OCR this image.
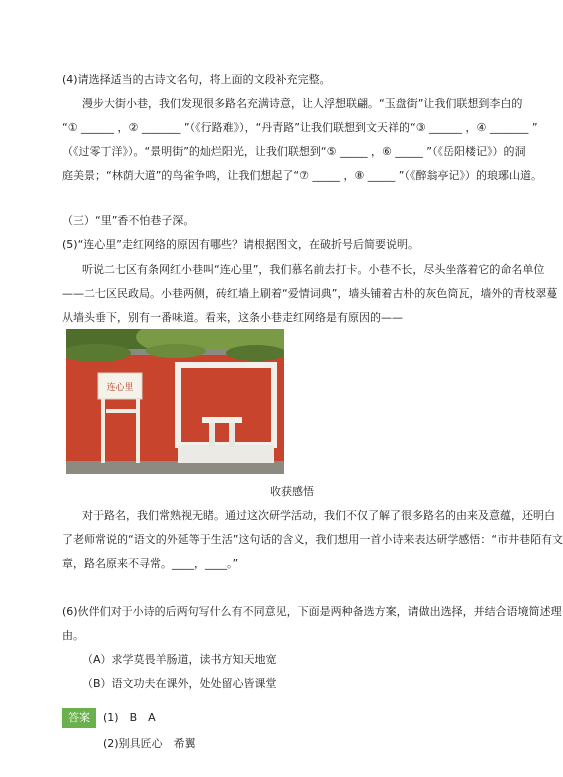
(4)请选择适当的古诗文名句，将上面的文段补充完整。
漫步大街小巷，我们发现很多路名充满诗意，让人浮想联翩。“玉盘街”让我们联想到李白的
“① ______ ，② _______ ”（《行路难》），“丹青路”让我们联想到文天祥的“③ ______ ，④ _______ ”
（《过零丁洋》）。“景明街”的灿烂阳光，让我们联想到“⑤ _____ ，⑥ _____ ”（《岳阳楼记》）的洞
庭美景；“林荫大道”的鸟雀争鸣，让我们想起了“⑦ _____ ，⑧ _____ ”（《醉翁亭记》）的琅琊山道。
（三）“里”香不怕巷子深。
(5)“连心里”走红网络的原因有哪些？请根据图文，在破折号后简要说明。
听说二七区有条网红小巷叫“连心里”，我们慕名前去打卡。小巷不长，尽头坐落着它的命名单位
——二七区民政局。小巷两侧，砖红墙上刷着“爱情词典”，墙头铺着古朴的灰色筒瓦，墙外的青枝翠蔓
从墙头垂下，别有一番味道。看来，这条小巷走红网络是有原因的——
连心里
收获感悟
对于路名，我们常熟视无睹。通过这次研学活动，我们不仅了解了很多路名的由来及意蕴，还明白
了老师常说的“语文的外延等于生活”这句话的含义，我们想用一首小诗来表达研学感悟：“市井巷陌有文
章，路名原来不寻常。____，____。”
(6)伙伴们对于小诗的后两句写什么有不同意见，下面是两种备选方案，请做出选择，并结合语境简述理
由。
（A）求学莫畏羊肠道，读书方知天地宽
（B）语文功夫在课外，处处留心皆课堂
答案	(1)　B　A
(2)别具匠心　希翼
